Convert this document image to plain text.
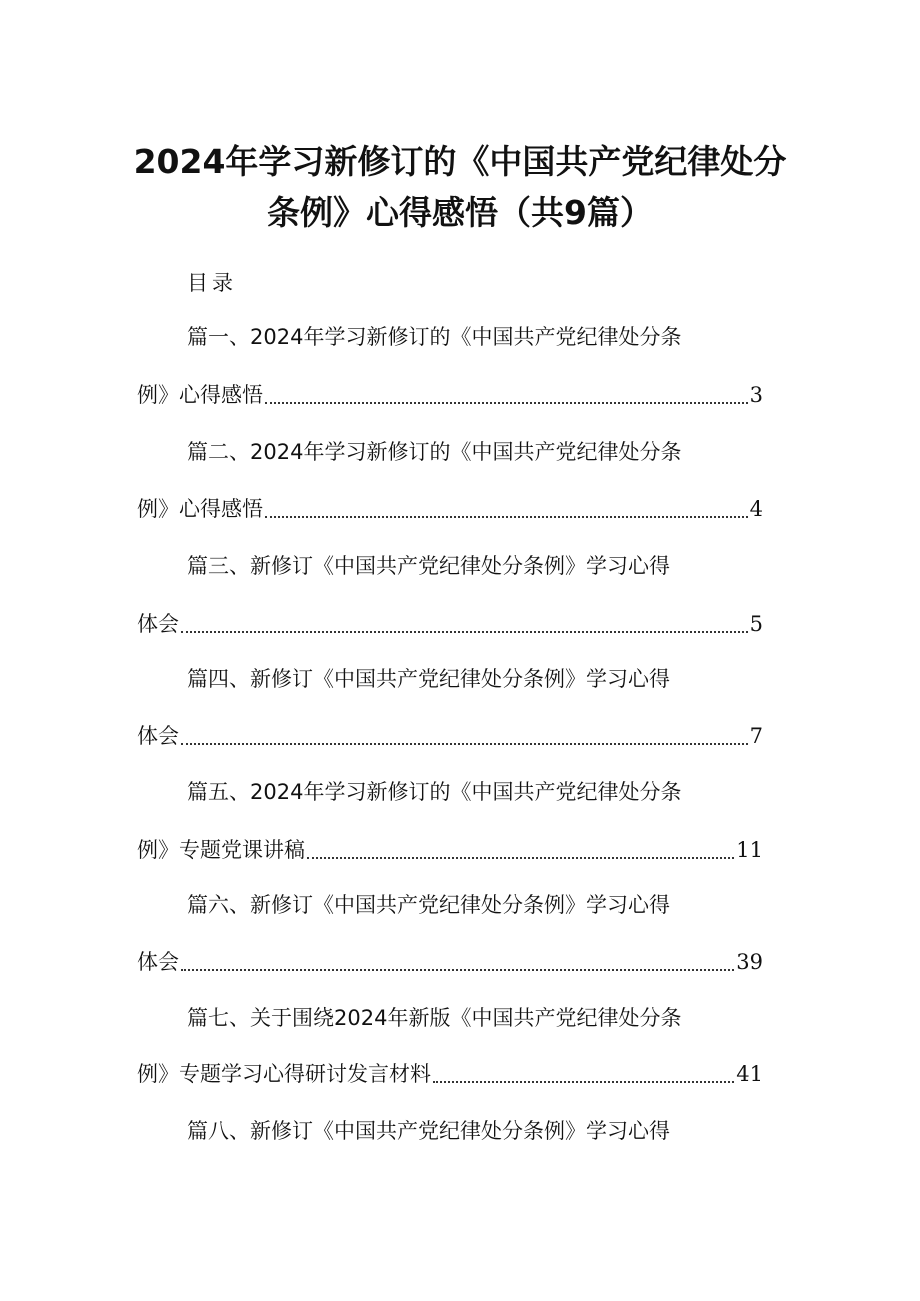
2024年学习新修订的《中国共产党纪律处分
条例》心得感悟（共9篇）
目录
篇一、2024年学习新修订的《中国共产党纪律处分条
例》心得感悟	3
篇二、2024年学习新修订的《中国共产党纪律处分条
例》心得感悟	4
篇三、新修订《中国共产党纪律处分条例》学习心得
体会	5
篇四、新修订《中国共产党纪律处分条例》学习心得
体会	7
篇五、2024年学习新修订的《中国共产党纪律处分条
例》专题党课讲稿	11
篇六、新修订《中国共产党纪律处分条例》学习心得
体会	39
篇七、关于围绕2024年新版《中国共产党纪律处分条
例》专题学习心得研讨发言材料	41
篇八、新修订《中国共产党纪律处分条例》学习心得
